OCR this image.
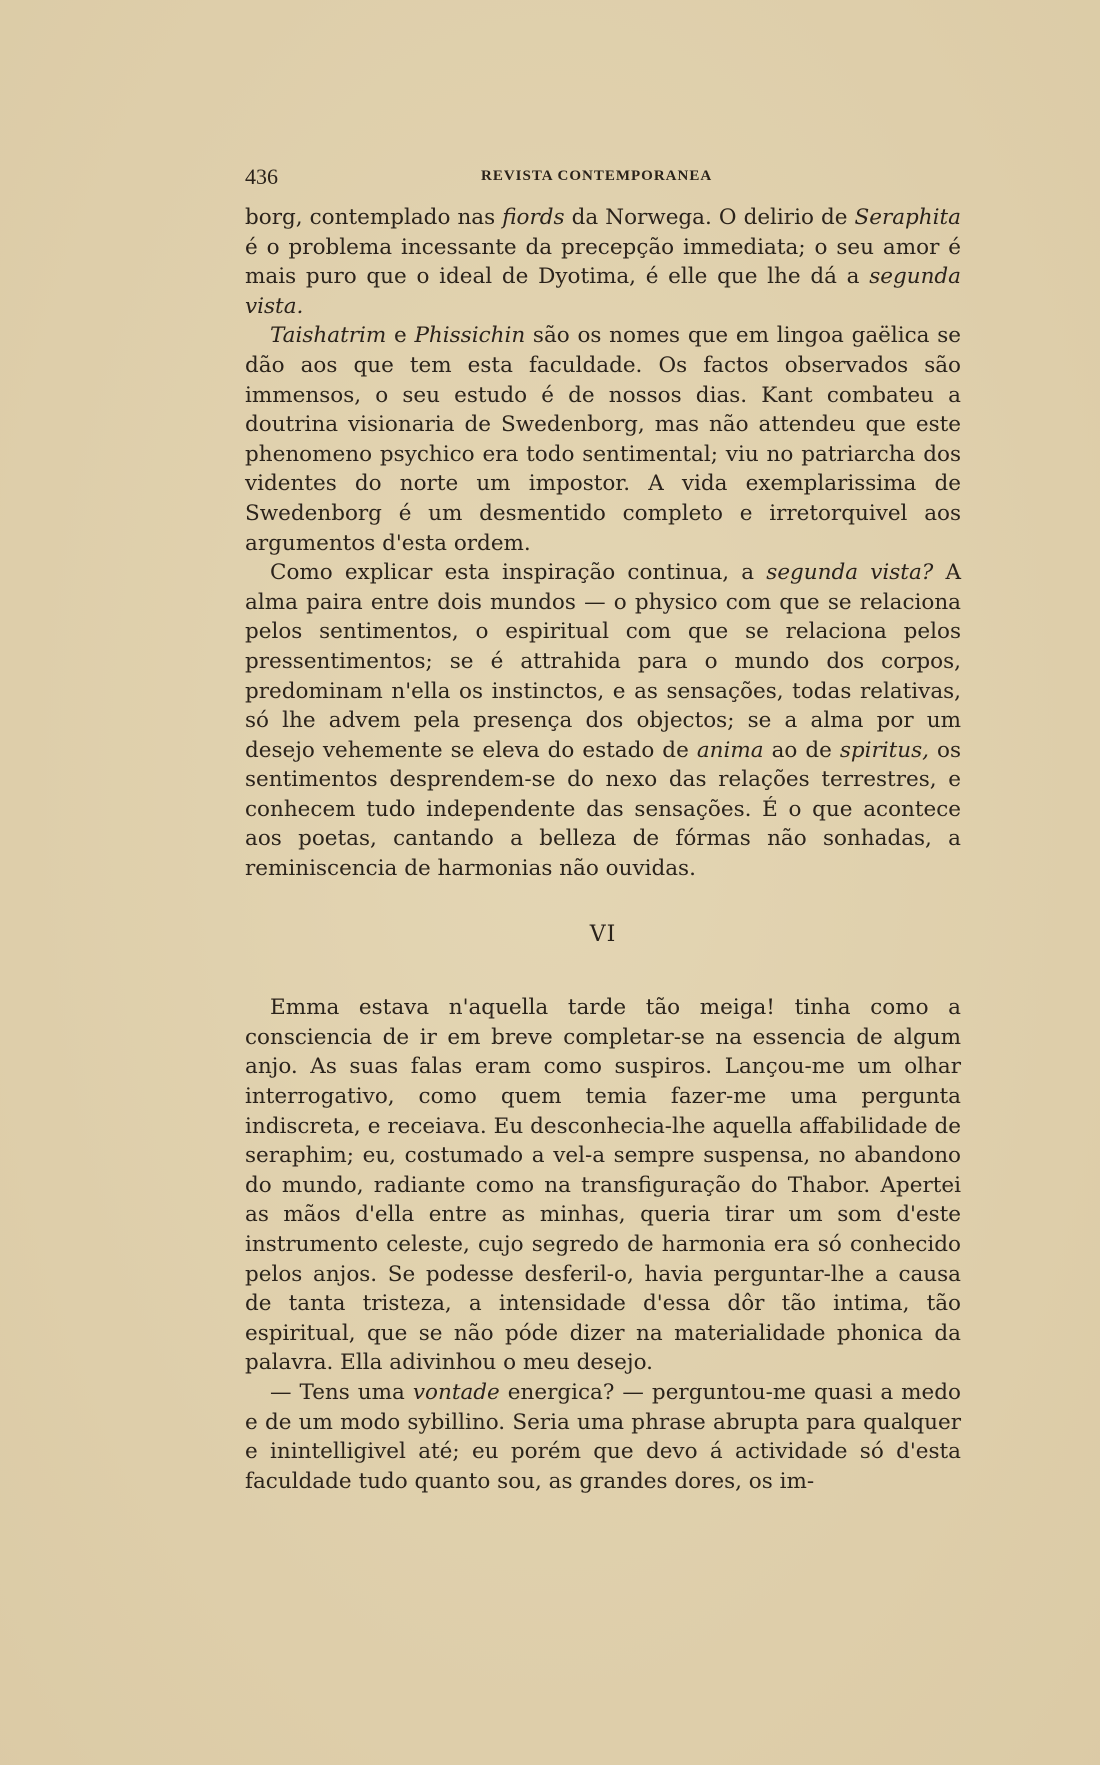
436	REVISTA CONTEMPORANEA

borg, contemplado nas fiords da Norwega. O delirio de Seraphita é o problema incessante da precepção immediata; o seu amor é mais puro que o ideal de Dyotima, é elle que lhe dá a segunda vista.

Taishatrim e Phissichin são os nomes que em lingoa gaëlica se dão aos que tem esta faculdade. Os factos observados são immensos, o seu estudo é de nossos dias. Kant combateu a doutrina visionaria de Swedenborg, mas não attendeu que este phenomeno psychico era todo sentimental; viu no patriarcha dos videntes do norte um impostor. A vida exemplarissima de Swedenborg é um desmentido completo e irretorquivel aos argumentos d'esta ordem.

Como explicar esta inspiração continua, a segunda vista? A alma paira entre dois mundos — o physico com que se relaciona pelos sentimentos, o espiritual com que se relaciona pelos pressentimentos; se é attrahida para o mundo dos corpos, predominam n'ella os instinctos, e as sensações, todas relativas, só lhe advem pela presença dos objectos; se a alma por um desejo vehemente se eleva do estado de anima ao de spiritus, os sentimentos desprendem-se do nexo das relações terrestres, e conhecem tudo independente das sensações. É o que acontece aos poetas, cantando a belleza de fórmas não sonhadas, a reminiscencia de harmonias não ouvidas.

VI

Emma estava n'aquella tarde tão meiga! tinha como a consciencia de ir em breve completar-se na essencia de algum anjo. As suas falas eram como suspiros. Lançou-me um olhar interrogativo, como quem temia fazer-me uma pergunta indiscreta, e receiava. Eu desconhecia-lhe aquella affabilidade de seraphim; eu, costumado a vel-a sempre suspensa, no abandono do mundo, radiante como na transfiguração do Thabor. Apertei as mãos d'ella entre as minhas, queria tirar um som d'este instrumento celeste, cujo segredo de harmonia era só conhecido pelos anjos. Se podesse desferil-o, havia perguntar-lhe a causa de tanta tristeza, a intensidade d'essa dôr tão intima, tão espiritual, que se não póde dizer na materialidade phonica da palavra. Ella adivinhou o meu desejo.

— Tens uma vontade energica? — perguntou-me quasi a medo e de um modo sybillino. Seria uma phrase abrupta para qualquer e inintelligivel até; eu porém que devo á actividade só d'esta faculdade tudo quanto sou, as grandes dores, os im-
